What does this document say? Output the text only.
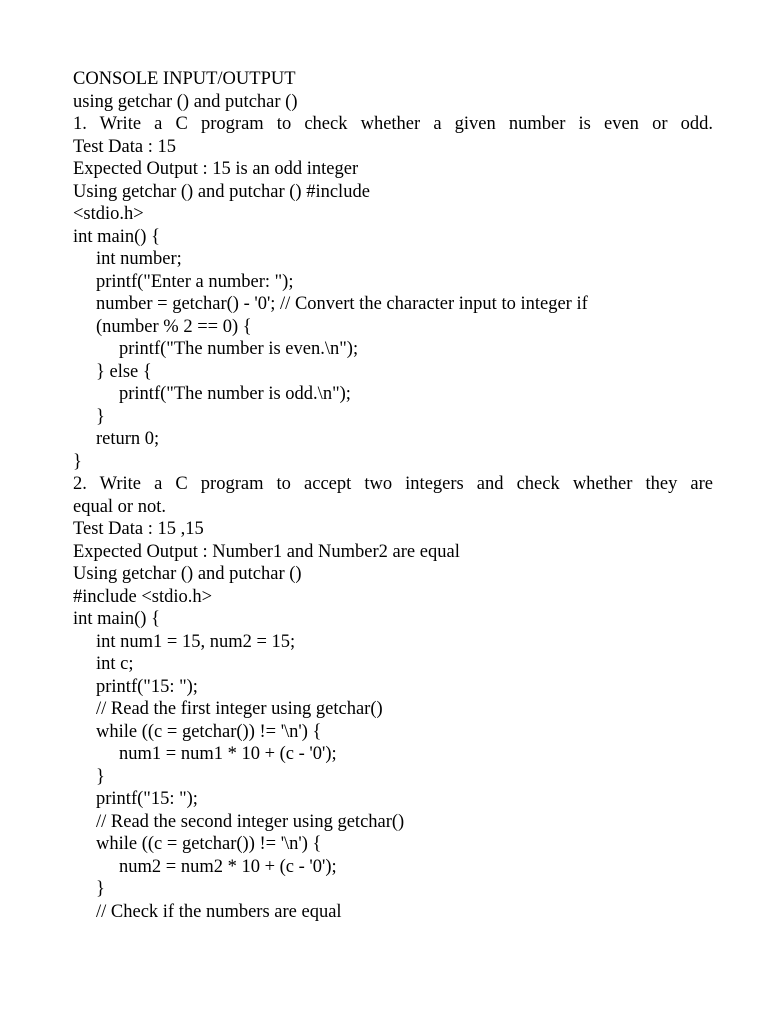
CONSOLE INPUT/OUTPUT
using getchar () and putchar ()
1. Write a C program to check whether a given number is even or odd.
Test Data : 15
Expected Output : 15 is an odd integer
Using getchar () and putchar () #include
<stdio.h>
int main() {
int number;
printf("Enter a number: ");
number = getchar() - '0'; // Convert the character input to integer if
(number % 2 == 0) {
printf("The number is even.\n");
} else {
printf("The number is odd.\n");
}
return 0;
}
2. Write a C program to accept two integers and check whether they are
equal or not.
Test Data : 15 ,15
Expected Output : Number1 and Number2 are equal
Using getchar () and putchar ()
#include <stdio.h>
int main() {
int num1 = 15, num2 = 15;
int c;
printf("15: ");
// Read the first integer using getchar()
while ((c = getchar()) != '\n') {
num1 = num1 * 10 + (c - '0');
}
printf("15: ");
// Read the second integer using getchar()
while ((c = getchar()) != '\n') {
num2 = num2 * 10 + (c - '0');
}
// Check if the numbers are equal
